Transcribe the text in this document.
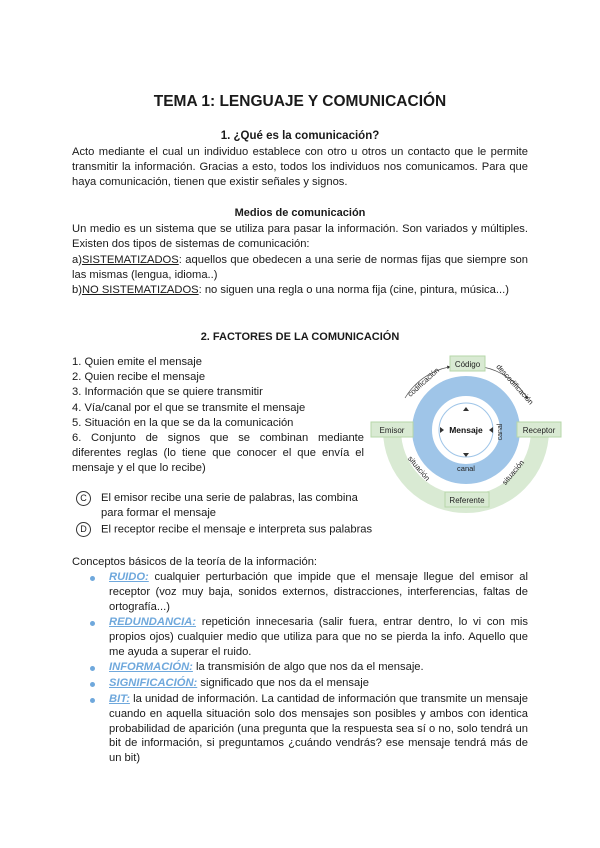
TEMA 1: LENGUAJE Y COMUNICACIÓN
1. ¿Qué es la comunicación?
Acto mediante el cual un individuo establece con otro u otros un contacto que le permite transmitir la información. Gracias a esto, todos los individuos nos comunicamos. Para que haya comunicación, tienen que existir señales y signos.
Medios de comunicación
Un medio es un sistema que se utiliza para pasar la información. Son variados y múltiples. Existen dos tipos de sistemas de comunicación:
a)SISTEMATIZADOS: aquellos que obedecen a una serie de normas fijas que siempre son las mismas (lengua, idioma..)
b)NO SISTEMATIZADOS: no siguen una regla o una norma fija (cine, pintura, música...)
2. FACTORES DE LA COMUNICACIÓN
1. Quien emite el mensaje
2. Quien recibe el mensaje
3. Información que se quiere transmitir
4. Vía/canal por el que se transmite el mensaje
5. Situación en la que se da la comunicación
6. Conjunto de signos que se combinan mediante diferentes reglas (lo tiene que conocer el que envía el mensaje y el que lo recibe)
C El emisor recibe una serie de palabras, las combina para formar el mensaje
D El receptor recibe el mensaje e interpreta sus palabras
Código
Emisor	Receptor
Referente
Mensaje
canal
canal
codificación	descodificación
situación	situación
Conceptos básicos de la teoría de la información:
RUIDO: cualquier perturbación que impide que el mensaje llegue del emisor al receptor (voz muy baja, sonidos externos, distracciones, interferencias, faltas de ortografía...)
REDUNDANCIA: repetición innecesaria (salir fuera, entrar dentro, lo vi con mis propios ojos) cualquier medio que utiliza para que no se pierda la info. Aquello que me ayuda a superar el ruido.
INFORMACIÓN: la transmisión de algo que nos da el mensaje.
SIGNIFICACIÓN: significado que nos da el mensaje
BIT: la unidad de información. La cantidad de información que transmite un mensaje cuando en aquella situación solo dos mensajes son posibles y ambos con identica probabilidad de aparición (una pregunta que la respuesta sea sí o no, solo tendrá un bit de información, si preguntamos ¿cuándo vendrás? ese mensaje tendrá más de un bit)
